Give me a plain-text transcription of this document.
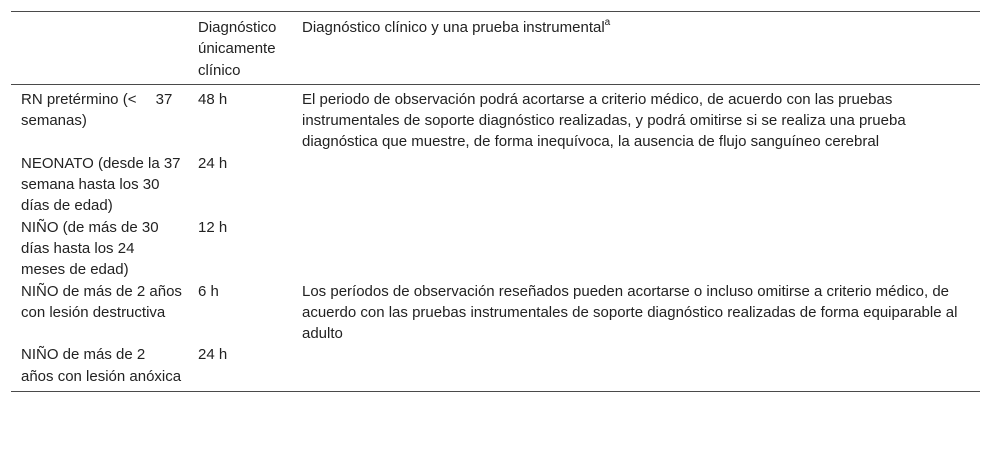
	Diagnóstico únicamente clínico	Diagnóstico clínico y una prueba instrumental$^a$
RN pretérmino (<  37 semanas)	48 h	El periodo de observación podrá acortarse a criterio médico, de acuerdo con las pruebas instrumentales de soporte diagnóstico realizadas, y podrá omitirse si se realiza una prueba diagnóstica que muestre, de forma inequívoca, la ausencia de flujo sanguíneo cerebral
NEONATO (desde la 37 semana hasta los 30  días de edad)	24 h	
NIÑO (de más de 30  días hasta los 24  meses de edad)	12 h	
NIÑO de más de 2 años con lesión destructiva	6 h	Los períodos de observación reseñados pueden acortarse o incluso omitirse a criterio médico, de acuerdo con las pruebas instrumentales de soporte diagnóstico realizadas de forma equiparable al adulto
NIÑO de más de 2  años con lesión anóxica	24 h	
